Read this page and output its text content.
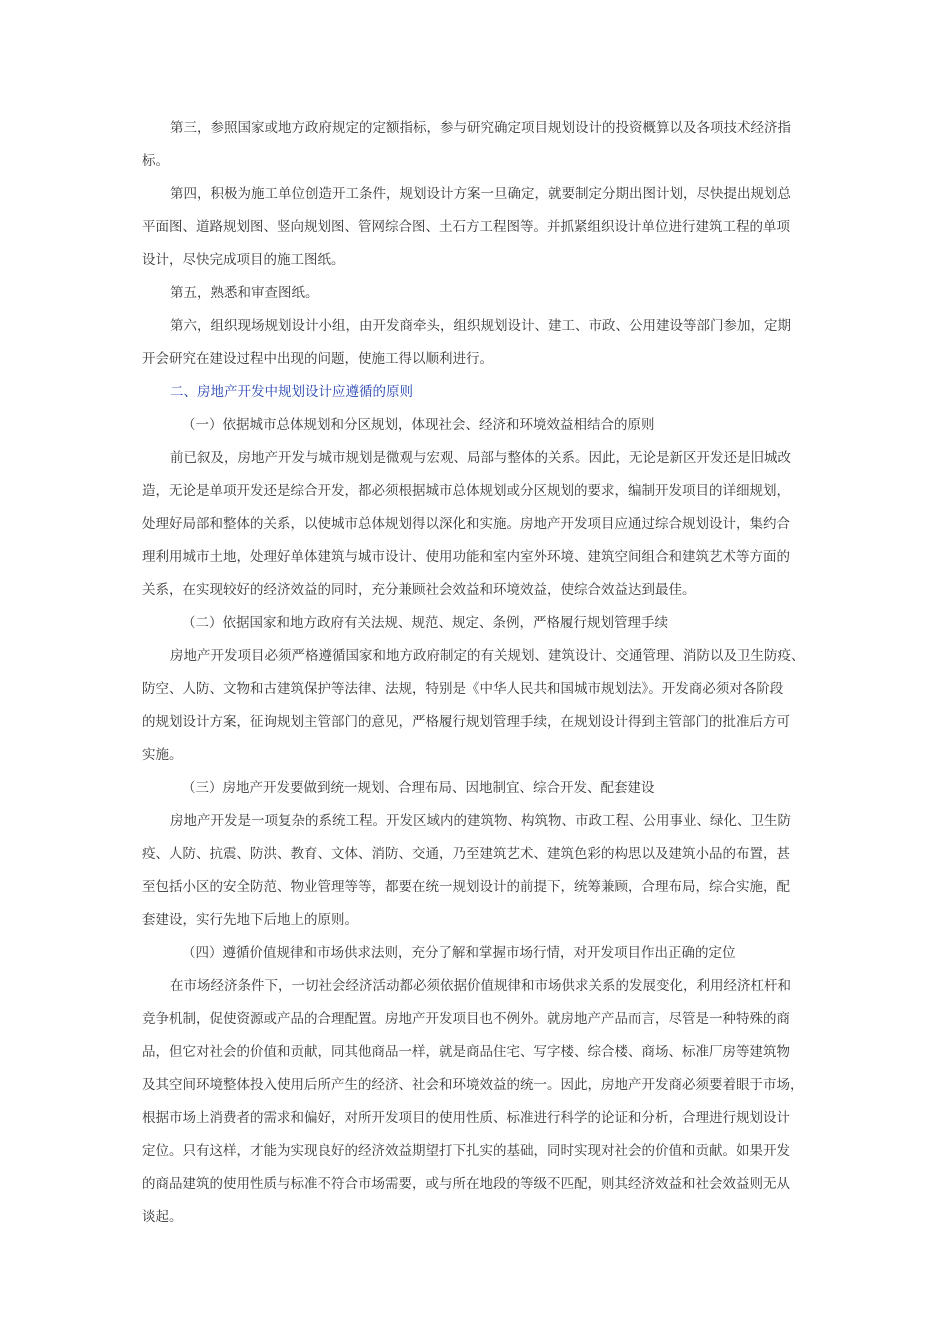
第三，参照国家或地方政府规定的定额指标，参与研究确定项目规划设计的投资概算以及各项技术经济指
标。
第四，积极为施工单位创造开工条件，规划设计方案一旦确定，就要制定分期出图计划，尽快提出规划总
平面图、道路规划图、竖向规划图、管网综合图、土石方工程图等。并抓紧组织设计单位进行建筑工程的单项
设计，尽快完成项目的施工图纸。
第五，熟悉和审查图纸。
第六，组织现场规划设计小组，由开发商牵头，组织规划设计、建工、市政、公用建设等部门参加，定期
开会研究在建设过程中出现的问题，使施工得以顺利进行。
二、房地产开发中规划设计应遵循的原则
（一）依据城市总体规划和分区规划，体现社会、经济和环境效益相结合的原则
前已叙及，房地产开发与城市规划是微观与宏观、局部与整体的关系。因此，无论是新区开发还是旧城改
造，无论是单项开发还是综合开发，都必须根据城市总体规划或分区规划的要求，编制开发项目的详细规划，
处理好局部和整体的关系，以使城市总体规划得以深化和实施。房地产开发项目应通过综合规划设计，集约合
理利用城市土地，处理好单体建筑与城市设计、使用功能和室内室外环境、建筑空间组合和建筑艺术等方面的
关系，在实现较好的经济效益的同时，充分兼顾社会效益和环境效益，使综合效益达到最佳。
（二）依据国家和地方政府有关法规、规范、规定、条例，严格履行规划管理手续
房地产开发项目必须严格遵循国家和地方政府制定的有关规划、建筑设计、交通管理、消防以及卫生防疫、
防空、人防、文物和古建筑保护等法律、法规，特别是《中华人民共和国城市规划法》。开发商必须对各阶段
的规划设计方案，征询规划主管部门的意见，严格履行规划管理手续，在规划设计得到主管部门的批准后方可
实施。
（三）房地产开发要做到统一规划、合理布局、因地制宜、综合开发、配套建设
房地产开发是一项复杂的系统工程。开发区域内的建筑物、构筑物、市政工程、公用事业、绿化、卫生防
疫、人防、抗震、防洪、教育、文体、消防、交通，乃至建筑艺术、建筑色彩的构思以及建筑小品的布置，甚
至包括小区的安全防范、物业管理等等，都要在统一规划设计的前提下，统筹兼顾，合理布局，综合实施，配
套建设，实行先地下后地上的原则。
（四）遵循价值规律和市场供求法则，充分了解和掌握市场行情，对开发项目作出正确的定位
在市场经济条件下，一切社会经济活动都必须依据价值规律和市场供求关系的发展变化，利用经济杠杆和
竞争机制，促使资源或产品的合理配置。房地产开发项目也不例外。就房地产产品而言，尽管是一种特殊的商
品，但它对社会的价值和贡献，同其他商品一样，就是商品住宅、写字楼、综合楼、商场、标准厂房等建筑物
及其空间环境整体投入使用后所产生的经济、社会和环境效益的统一。因此，房地产开发商必须要着眼于市场，
根据市场上消费者的需求和偏好，对所开发项目的使用性质、标准进行科学的论证和分析，合理进行规划设计
定位。只有这样，才能为实现良好的经济效益期望打下扎实的基础，同时实现对社会的价值和贡献。如果开发
的商品建筑的使用性质与标准不符合市场需要，或与所在地段的等级不匹配，则其经济效益和社会效益则无从
谈起。
